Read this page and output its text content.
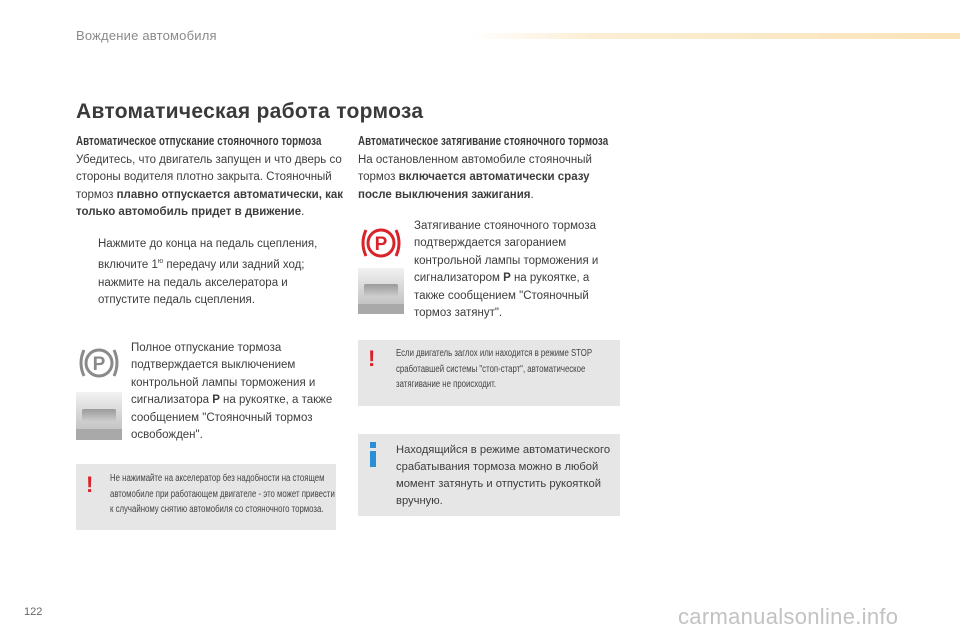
Вождение автомобиля
Автоматическая работа тормоза
Автоматическое отпускание стояночного тормоза
Убедитесь, что двигатель запущен и что дверь со стороны водителя плотно закрыта. Стояночный тормоз плавно отпускается автоматически, как только автомобиль придет в движение.
Нажмите до конца на педаль сцепления, включите $1^ю$ передачу или задний ход; нажмите на педаль акселератора и отпустите педаль сцепления.
P
Полное отпускание тормоза подтверждается выключением контрольной лампы торможения и сигнализатора P на рукоятке, а также сообщением "Стояночный тормоз освобожден".
! Не нажимайте на акселератор без надобности на стоящем автомобиле при работающем двигателе - это может привести к случайному снятию автомобиля со стояночного тормоза.
Автоматическое затягивание стояночного тормоза
На остановленном автомобиле стояночный тормоз включается автоматически сразу после выключения зажигания.
P
Затягивание стояночного тормоза подтверждается загоранием контрольной лампы торможения и сигнализатором P на рукоятке, а также сообщением "Стояночный тормоз затянут".
! Если двигатель заглох или находится в режиме STOP сработавшей системы "стоп-старт", автоматическое затягивание не происходит.
Находящийся в режиме автоматического срабатывания тормоза можно в любой момент затянуть и отпустить рукояткой вручную.
122	carmanualsonline.info
